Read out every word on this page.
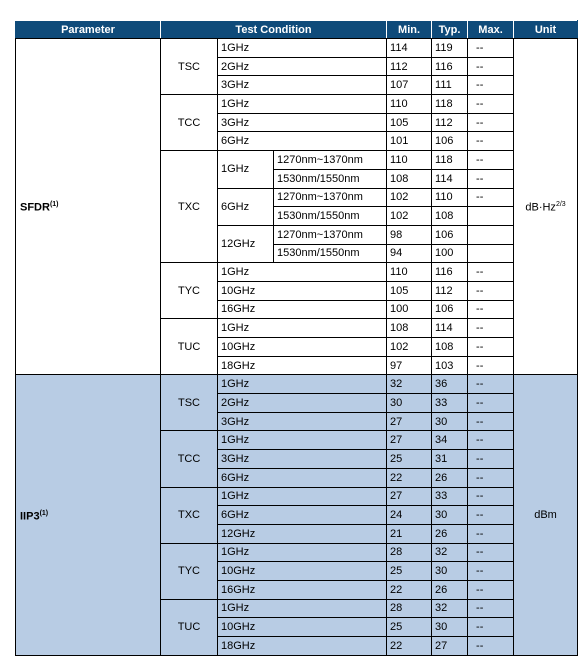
Parameter	Test Condition			Min.	Typ.	Max.	Unit
SFDR$^{(1)}$	TSC	1GHz		114	119	--	$dB\cdot Hz^{2/3}$
		2GHz		112	116	--	
		3GHz		107	111	--	
	TCC	1GHz		110	118	--	
		3GHz		105	112	--	
		6GHz		101	106	--	
	TXC	1GHz	1270nm~1370nm	110	118	--	
			1530nm/1550nm	108	114	--	
		6GHz	1270nm~1370nm	102	110	--	
			1530nm/1550nm	102	108		
		12GHz	1270nm~1370nm	98	106		
			1530nm/1550nm	94	100		
	TYC	1GHz		110	116	--	
		10GHz		105	112	--	
		16GHz		100	106	--	
	TUC	1GHz		108	114	--	
		10GHz		102	108	--	
		18GHz		97	103	--	
IIP3$^{(1)}$	TSC	1GHz		32	36	--	dBm
		2GHz		30	33	--	
		3GHz		27	30	--	
	TCC	1GHz		27	34	--	
		3GHz		25	31	--	
		6GHz		22	26	--	
	TXC	1GHz		27	33	--	
		6GHz		24	30	--	
		12GHz		21	26	--	
	TYC	1GHz		28	32	--	
		10GHz		25	30	--	
		16GHz		22	26	--	
	TUC	1GHz		28	32	--	
		10GHz		25	30	--	
		18GHz		22	27	--	
